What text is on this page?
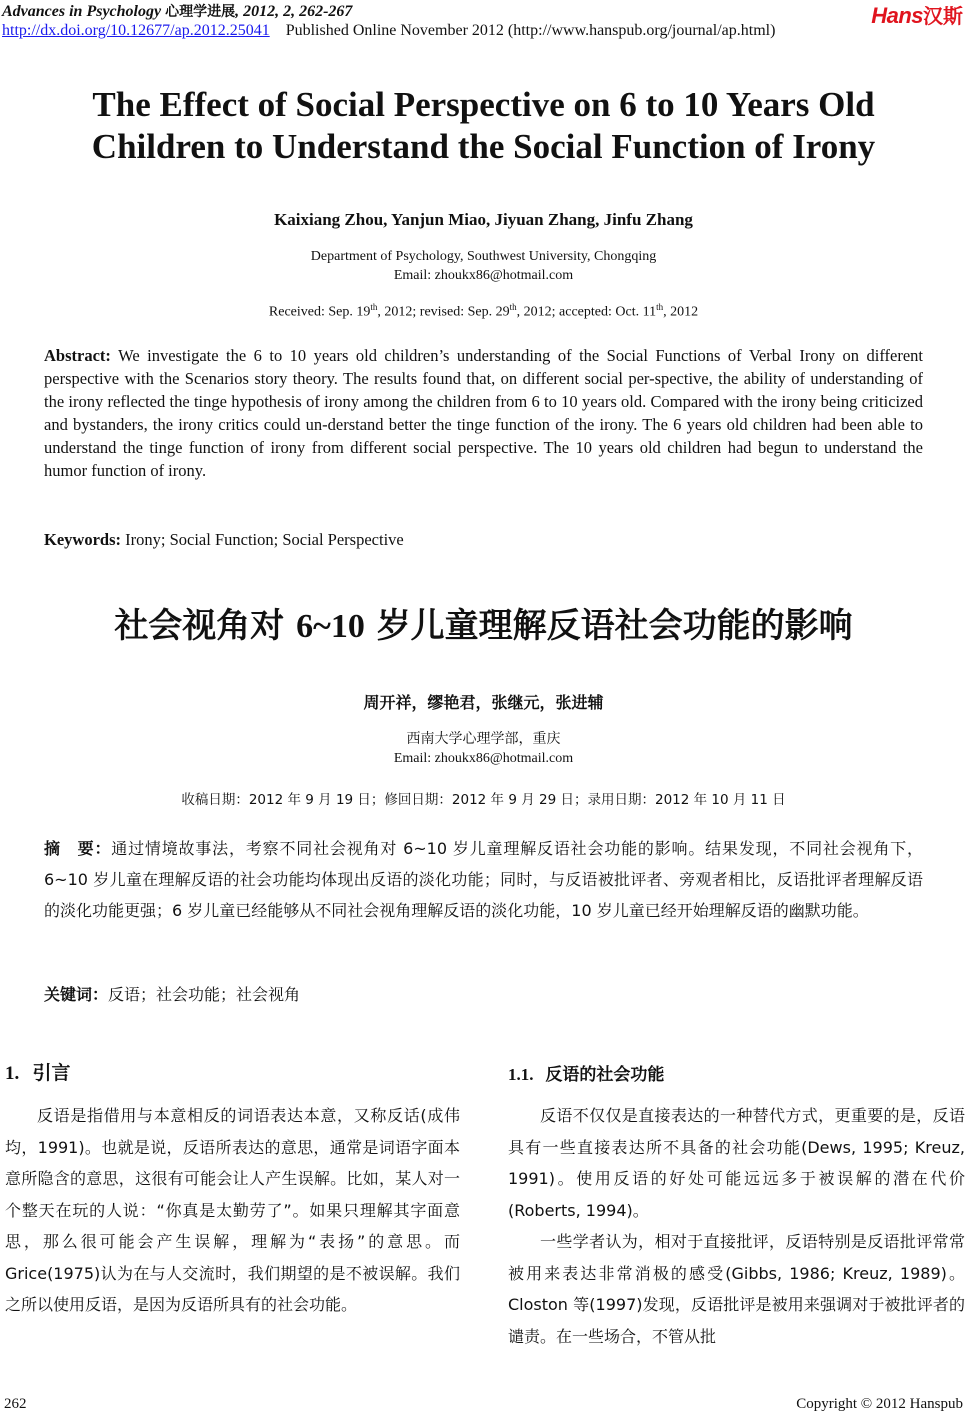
Advances in Psychology 心理学进展, 2012, 2, 262-267
http://dx.doi.org/10.12677/ap.2012.25041 Published Online November 2012 (http://www.hanspub.org/journal/ap.html)
Hans汉斯
The Effect of Social Perspective on 6 to 10 Years Old
Children to Understand the Social Function of Irony
Kaixiang Zhou, Yanjun Miao, Jiyuan Zhang, Jinfu Zhang
Department of Psychology, Southwest University, Chongqing
Email: zhoukx86@hotmail.com
Received: Sep. 19th, 2012; revised: Sep. 29th, 2012; accepted: Oct. 11th, 2012
Abstract: We investigate the 6 to 10 years old children’s understanding of the Social Functions of Verbal Irony on different perspective with the Scenarios story theory. The results found that, on different social per-spective, the ability of understanding of the irony reflected the tinge hypothesis of irony among the children from 6 to 10 years old. Compared with the irony being criticized and bystanders, the irony critics could un-derstand better the tinge function of the irony. The 6 years old children had been able to understand the tinge function of irony from different social perspective. The 10 years old children had begun to understand the humor function of irony.
Keywords: Irony; Social Function; Social Perspective
社会视角对 6~10 岁儿童理解反语社会功能的影响
周开祥，缪艳君，张继元，张进辅
西南大学心理学部，重庆
Email: zhoukx86@hotmail.com
收稿日期：2012 年 9 月 19 日；修回日期：2012 年 9 月 29 日；录用日期：2012 年 10 月 11 日
摘　要：通过情境故事法，考察不同社会视角对 6~10 岁儿童理解反语社会功能的影响。结果发现，不同社会视角下，6~10 岁儿童在理解反语的社会功能均体现出反语的淡化功能；同时，与反语被批评者、旁观者相比，反语批评者理解反语的淡化功能更强；6 岁儿童已经能够从不同社会视角理解反语的淡化功能，10 岁儿童已经开始理解反语的幽默功能。
关键词：反语；社会功能；社会视角
1. 引言

反语是指借用与本意相反的词语表达本意，又称反话(成伟均，1991)。也就是说，反语所表达的意思，通常是词语字面本意所隐含的意思，这很有可能会让人产生误解。比如，某人对一个整天在玩的人说：“你真是太勤劳了”。如果只理解其字面意思，那么很可能会产生误解，理解为“表扬”的意思。而 Grice(1975)认为在与人交流时，我们期望的是不被误解。我们之所以使用反语，是因为反语所具有的社会功能。

1.1. 反语的社会功能

反语不仅仅是直接表达的一种替代方式，更重要的是，反语具有一些直接表达所不具备的社会功能(Dews, 1995; Kreuz, 1991)。使用反语的好处可能远远多于被误解的潜在代价(Roberts, 1994)。

一些学者认为，相对于直接批评，反语特别是反语批评常常被用来表达非常消极的感受(Gibbs, 1986; Kreuz, 1989)。Closton 等(1997)发现，反语批评是被用来强调对于被批评者的谴责。在一些场合，不管从批

262	Copyright © 2012 Hanspub
